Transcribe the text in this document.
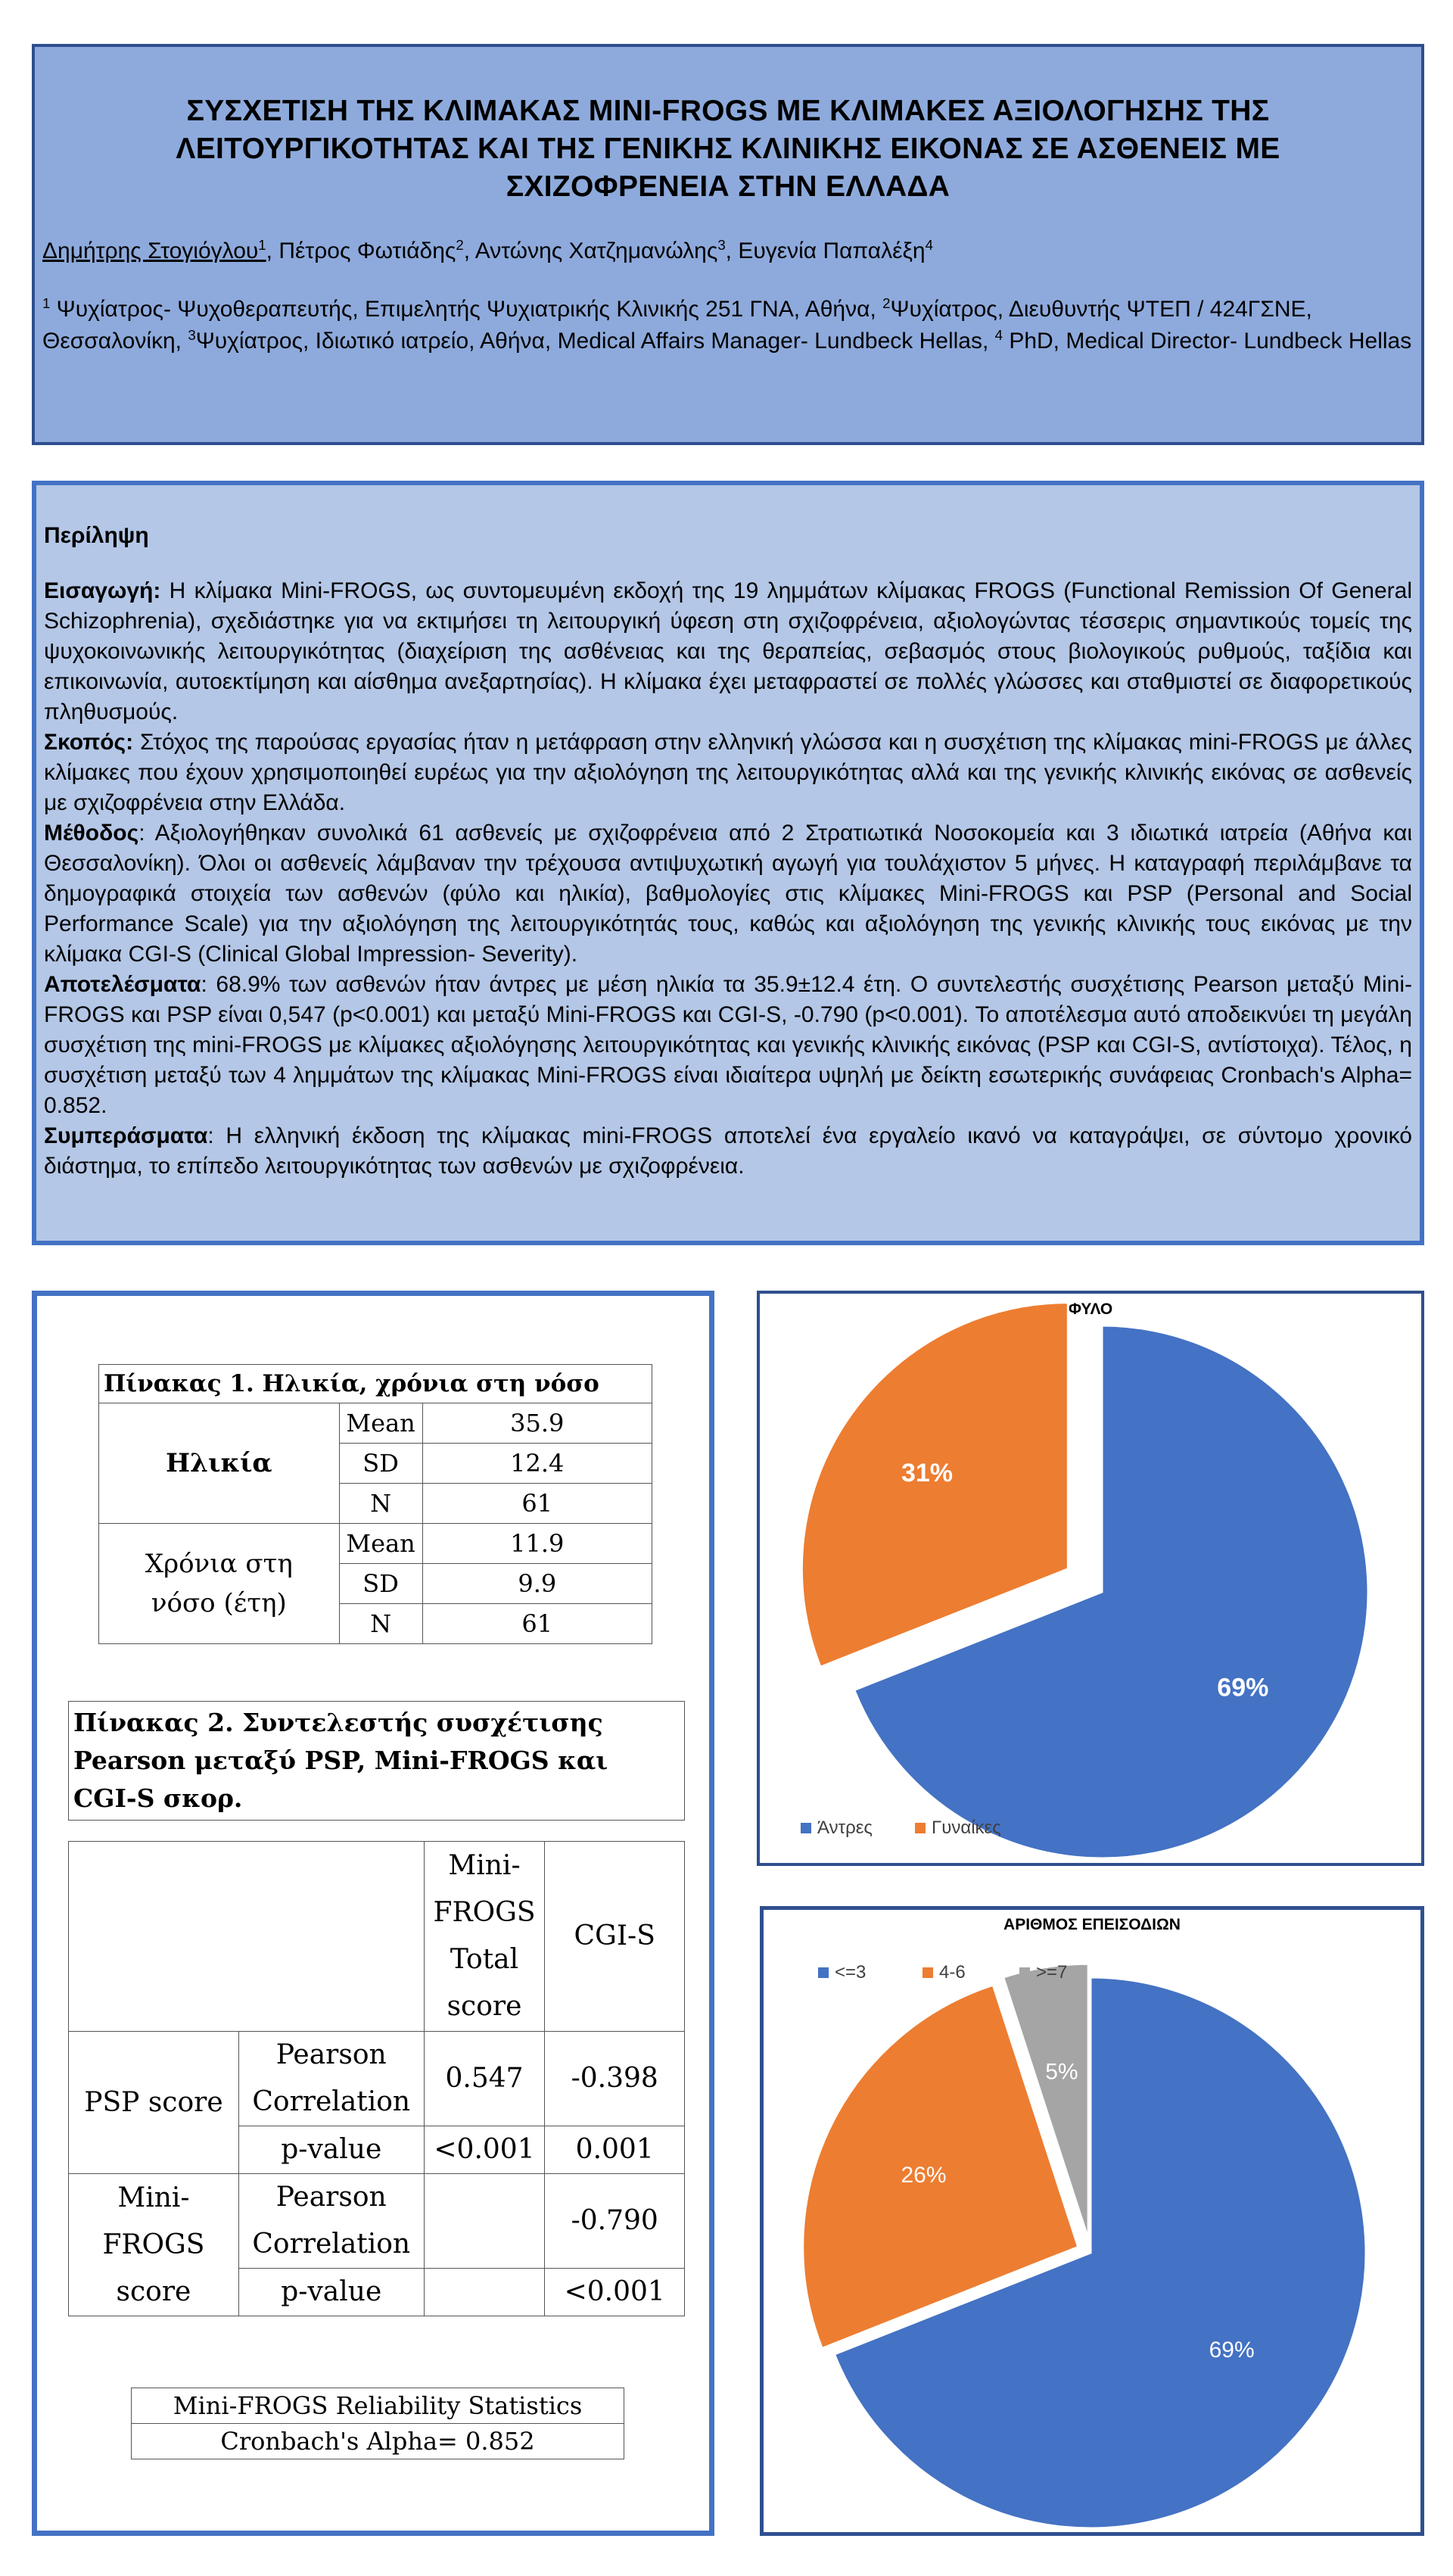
ΣΥΣΧΕΤΙΣΗ ΤΗΣ ΚΛΙΜΑΚΑΣ MINI-FROGS ΜΕ ΚΛΙΜΑΚΕΣ ΑΞΙΟΛΟΓΗΣΗΣ ΤΗΣ ΛΕΙΤΟΥΡΓΙΚΟΤΗΤΑΣ ΚΑΙ ΤΗΣ ΓΕΝΙΚΗΣ ΚΛΙΝΙΚΗΣ ΕΙΚΟΝΑΣ ΣΕ ΑΣΘΕΝΕΙΣ ΜΕ ΣΧΙΖΟΦΡΕΝΕΙΑ ΣΤΗΝ ΕΛΛΑΔΑ
Δημήτρης Στογιόγλου$^1$, Πέτρος Φωτιάδης$^2$, Αντώνης Χατζημανώλης$^3$, Ευγενία Παπαλέξη$^4$
$^1$ Ψυχίατρος- Ψυχοθεραπευτής, Επιμελητής Ψυχιατρικής Κλινικής 251 ΓΝΑ, Αθήνα, $^2$Ψυχίατρος, Διευθυντής ΨΤΕΠ / 424ΓΣΝΕ, Θεσσαλονίκη, $^3$Ψυχίατρος, Ιδιωτικό ιατρείο, Αθήνα, Medical Affairs Manager- Lundbeck Hellas, $^4$ PhD, Medical Director- Lundbeck Hellas
Περίληψη

Εισαγωγή: Η κλίμακα Mini-FROGS, ως συντομευμένη εκδοχή της 19 λημμάτων κλίμακας FROGS (Functional Remission Of General Schizophrenia), σχεδιάστηκε για να εκτιμήσει τη λειτουργική ύφεση στη σχιζοφρένεια, αξιολογώντας τέσσερις σημαντικούς τομείς της ψυχοκοινωνικής λειτουργικότητας (διαχείριση της ασθένειας και της θεραπείας, σεβασμός στους βιολογικούς ρυθμούς, ταξίδια και επικοινωνία, αυτοεκτίμηση και αίσθημα ανεξαρτησίας). Η κλίμακα έχει μεταφραστεί σε πολλές γλώσσες και σταθμιστεί σε διαφορετικούς πληθυσμούς.

Σκοπός: Στόχος της παρούσας εργασίας ήταν η μετάφραση στην ελληνική γλώσσα και η συσχέτιση της κλίμακας mini-FROGS με άλλες κλίμακες που έχουν χρησιμοποιηθεί ευρέως για την αξιολόγηση της λειτουργικότητας αλλά και της γενικής κλινικής εικόνας σε ασθενείς με σχιζοφρένεια στην Ελλάδα.

Μέθοδος: Αξιολογήθηκαν συνολικά 61 ασθενείς με σχιζοφρένεια από 2 Στρατιωτικά Νοσοκομεία και 3 ιδιωτικά ιατρεία (Αθήνα και Θεσσαλονίκη). Όλοι οι ασθενείς λάμβαναν την τρέχουσα αντιψυχωτική αγωγή για τουλάχιστον 5 μήνες. Η καταγραφή περιλάμβανε τα δημογραφικά στοιχεία των ασθενών (φύλο και ηλικία), βαθμολογίες στις κλίμακες Mini-FROGS και PSP (Personal and Social Performance Scale) για την αξιολόγηση της λειτουργικότητάς τους, καθώς και αξιολόγηση της γενικής κλινικής τους εικόνας με την κλίμακα CGI-S (Clinical Global Impression- Severity).

Αποτελέσματα: 68.9% των ασθενών ήταν άντρες με μέση ηλικία τα 35.9±12.4 έτη. Ο συντελεστής συσχέτισης Pearson μεταξύ Mini-FROGS και PSP είναι 0,547 (p<0.001) και μεταξύ Mini-FROGS και CGI-S, -0.790 (p<0.001). Το αποτέλεσμα αυτό αποδεικνύει τη μεγάλη συσχέτιση της mini-FROGS με κλίμακες αξιολόγησης λειτουργικότητας και γενικής κλινικής εικόνας (PSP και CGI-S, αντίστοιχα). Τέλος, η συσχέτιση μεταξύ των 4 λημμάτων της κλίμακας Mini-FROGS είναι ιδιαίτερα υψηλή με δείκτη εσωτερικής συνάφειας Cronbach's Alpha= 0.852.

Συμπεράσματα: Η ελληνική έκδοση της κλίμακας mini-FROGS αποτελεί ένα εργαλείο ικανό να καταγράψει, σε σύντομο χρονικό διάστημα, το επίπεδο λειτουργικότητας των ασθενών με σχιζοφρένεια.

Πίνακας 1. Ηλικία, χρόνια στη νόσο
Ηλικία	Mean	35.9
	SD	12.4
	N	61
Χρόνια στη νόσο (έτη)	Mean	11.9
	SD	9.9
	N	61
Πίνακας 2. Συντελεστής συσχέτισης Pearson μεταξύ PSP, Mini-FROGS και CGI-S σκορ.
		Mini-FROGS Total score	CGI-S
PSP score	Pearson Correlation	0.547	-0.398
	p-value	<0.001	0.001
Mini-FROGS score	Pearson Correlation		-0.790
	p-value		<0.001
Mini-FROGS Reliability Statistics
Cronbach's Alpha= 0.852
ΦΥΛΟ
69%
31%
Άντρες	Γυναίκες
ΑΡΙΘΜΟΣ ΕΠΕΙΣΟΔΙΩΝ
69%
26%
5%
<=3	4-6	>=7
